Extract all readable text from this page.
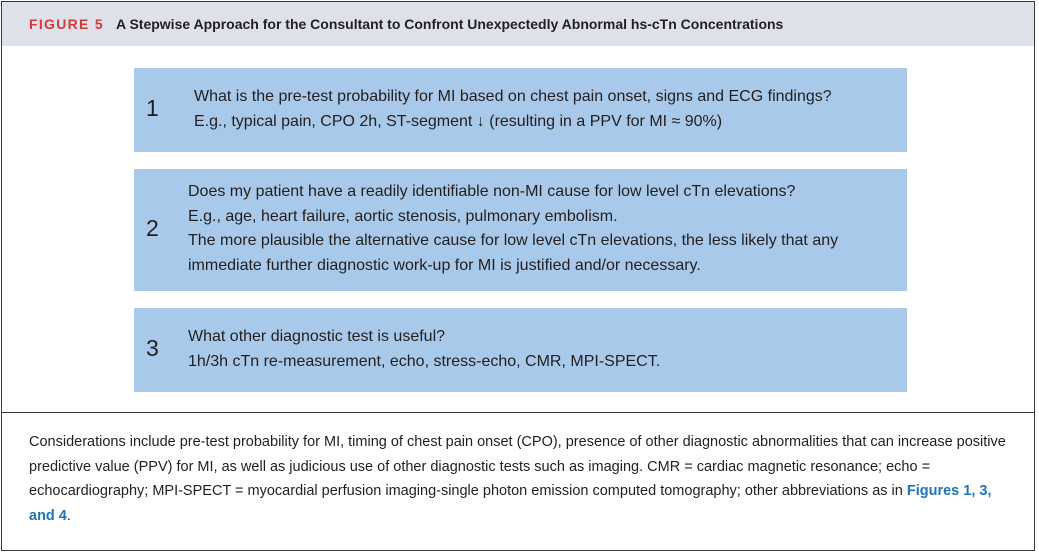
FIGURE 5 A Stepwise Approach for the Consultant to Confront Unexpectedly Abnormal hs-cTn Concentrations
1 What is the pre-test probability for MI based on chest pain onset, signs and ECG findings?
E.g., typical pain, CPO 2h, ST-segment ↓ (resulting in a PPV for MI ≈ 90%)
2
Does my patient have a readily identifiable non-MI cause for low level cTn elevations?
E.g., age, heart failure, aortic stenosis, pulmonary embolism.
The more plausible the alternative cause for low level cTn elevations, the less likely that any
immediate further diagnostic work-up for MI is justified and/or necessary.
3 What other diagnostic test is useful?
1h/3h cTn re-measurement, echo, stress-echo, CMR, MPI-SPECT.
Considerations include pre-test probability for MI, timing of chest pain onset (CPO), presence of other diagnostic abnormalities that can increase positive predictive value (PPV) for MI, as well as judicious use of other diagnostic tests such as imaging. CMR = cardiac magnetic resonance; echo = echocardiography; MPI-SPECT = myocardial perfusion imaging-single photon emission computed tomography; other abbreviations as in Figures 1, 3, and 4.
